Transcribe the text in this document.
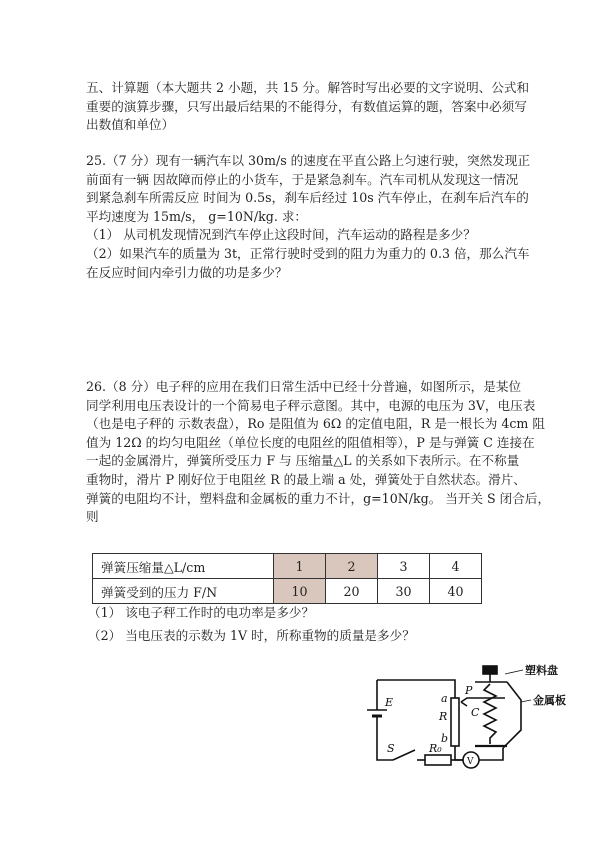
五、计算题（本大题共 2 小题，共 15 分。解答时写出必要的文字说明、公式和
重要的演算步骤，只写出最后结果的不能得分，有数值运算的题，答案中必须写
出数值和单位）
25.（7 分）现有一辆汽车以 30m/s 的速度在平直公路上匀速行驶，突然发现正
前面有一辆 因故障而停止的小货车，于是紧急刹车。汽车司机从发现这一情况
到紧急刹车所需反应 时间为 0.5s，刹车后经过 10s 汽车停止，在刹车后汽车的
平均速度为 15m/s， g=10N/kg. 求：
（1） 从司机发现情况到汽车停止这段时间，汽车运动的路程是多少？
（2）如果汽车的质量为 3t，正常行驶时受到的阻力为重力的 0.3 倍，那么汽车
在反应时间内牵引力做的功是多少？
26.（8 分）电子秤的应用在我们日常生活中已经十分普遍，如图所示，是某位
同学利用电压表设计的一个简易电子秤示意图。其中，电源的电压为 3V，电压表
（也是电子秤的 示数表盘），Ro 是阻值为 6Ω 的定值电阻，R 是一根长为 4cm 阻
值为 12Ω 的均匀电阻丝（单位长度的电阻丝的阻值相等），P 是与弹簧 C 连接在
一起的金属滑片，弹簧所受压力 F 与 压缩量△L 的关系如下表所示。在不称量
重物时，滑片 P 刚好位于电阻丝 R 的最上端 a 处，弹簧处于自然状态。滑片、
弹簧的电阻均不计，塑料盘和金属板的重力不计，g=10N/kg。 当开关 S 闭合后，
则
弹簧压缩量△L/cm	1	2	3	4
弹簧受到的压力 F/N	10	20	30	40
（1） 该电子秤工作时的电功率是多少？
（2） 当电压表的示数为 1V 时，所称重物的质量是多少？
E
R
a
b
P
C
S	R₀
V
塑料盘
金属板
